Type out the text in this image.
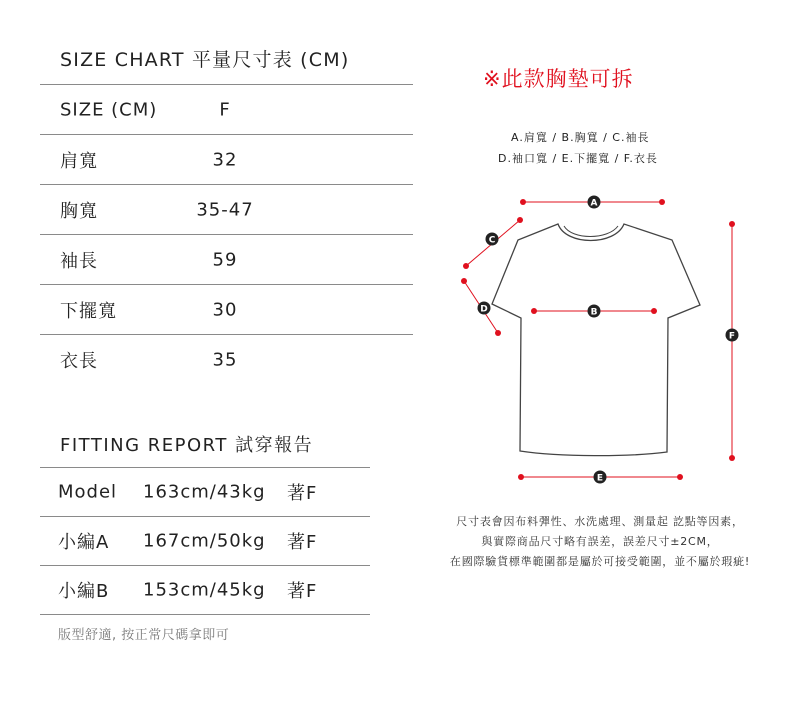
SIZE CHART 平量尺寸表 (CM)
SIZE (CM)	F
肩寬	32
胸寬	35-47
袖長	59
下擺寬	30
衣長	35
FITTING REPORT 試穿報告
Model 163cm/43kg 著F
小編A 167cm/50kg 著F
小編B 153cm/45kg 著F
版型舒適, 按正常尺碼拿即可
※此款胸墊可拆
A.肩寬 / B.胸寬 / C.袖長
D.袖口寬 / E.下擺寬 / F.衣長
A
C
D	B
F
E
尺寸表會因布料彈性、水洗處理、測量起 訖點等因素，
與實際商品尺寸略有誤差，誤差尺寸±2CM，
在國際驗貨標準範圍都是屬於可接受範圍，並不屬於瑕疵!
